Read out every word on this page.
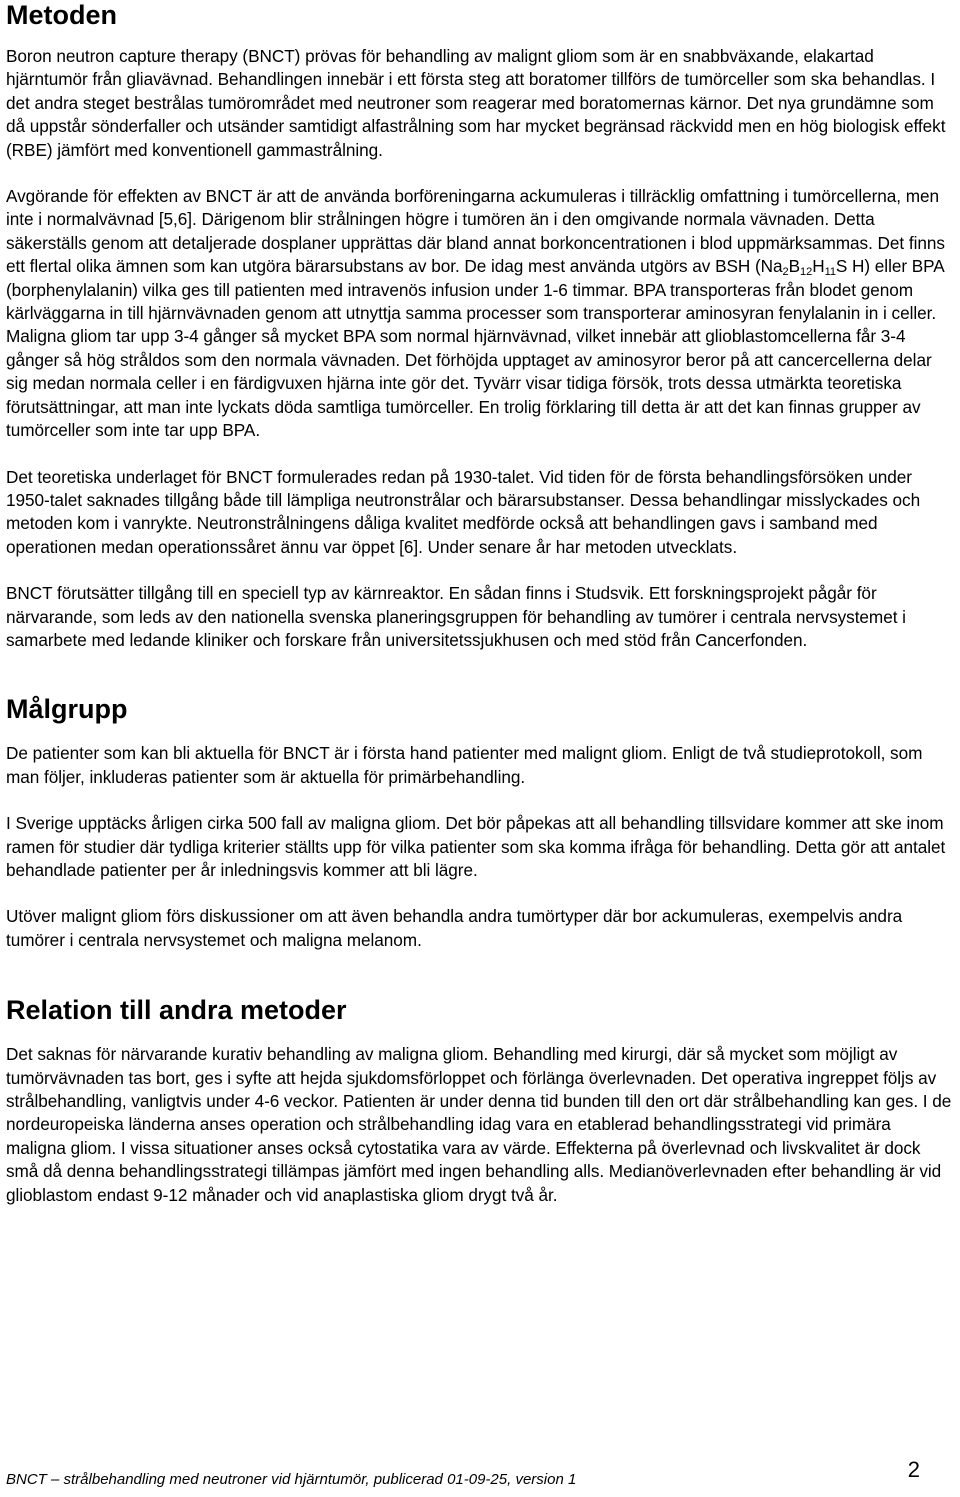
Metoden

Boron neutron capture therapy (BNCT) prövas för behandling av malignt gliom som är en snabbväxande, elakartad hjärntumör från gliavävnad. Behandlingen innebär i ett första steg att boratomer tillförs de tumörceller som ska behandlas. I det andra steget bestrålas tumörområdet med neutroner som reagerar med boratomernas kärnor. Det nya grundämne som då uppstår sönderfaller och utsänder samtidigt alfastrålning som har mycket begränsad räckvidd men en hög biologisk effekt (RBE) jämfört med konventionell gammastrålning.

Avgörande för effekten av BNCT är att de använda borföreningarna ackumuleras i tillräcklig omfattning i tumörcellerna, men inte i normalvävnad [5,6]. Därigenom blir strålningen högre i tumören än i den omgivande normala vävnaden. Detta säkerställs genom att detaljerade dosplaner upprättas där bland annat borkoncentrationen i blod uppmärksammas. Det finns ett flertal olika ämnen som kan utgöra bärarsubstans av bor. De idag mest använda utgörs av BSH ($Na_2B_{12}H_{11}S$ H) eller BPA (borphenylalanin) vilka ges till patienten med intravenös infusion under 1-6 timmar. BPA transporteras från blodet genom kärlväggarna in till hjärnvävnaden genom att utnyttja samma processer som transporterar aminosyran fenylalanin in i celler. Maligna gliom tar upp 3-4 gånger så mycket BPA som normal hjärnvävnad, vilket innebär att glioblastomcellerna får 3-4 gånger så hög stråldos som den normala vävnaden. Det förhöjda upptaget av aminosyror beror på att cancercellerna delar sig medan normala celler i en färdigvuxen hjärna inte gör det. Tyvärr visar tidiga försök, trots dessa utmärkta teoretiska förutsättningar, att man inte lyckats döda samtliga tumörceller. En trolig förklaring till detta är att det kan finnas grupper av tumörceller som inte tar upp BPA.

Det teoretiska underlaget för BNCT formulerades redan på 1930-talet. Vid tiden för de första behandlingsförsöken under 1950-talet saknades tillgång både till lämpliga neutronstrålar och bärarsubstanser. Dessa behandlingar misslyckades och metoden kom i vanrykte. Neutronstrålningens dåliga kvalitet medförde också att behandlingen gavs i samband med operationen medan operationssåret ännu var öppet [6]. Under senare år har metoden utvecklats.

BNCT förutsätter tillgång till en speciell typ av kärnreaktor. En sådan finns i Studsvik. Ett forskningsprojekt pågår för närvarande, som leds av den nationella svenska planeringsgruppen för behandling av tumörer i centrala nervsystemet i samarbete med ledande kliniker och forskare från universitetssjukhusen och med stöd från Cancerfonden.

Målgrupp

De patienter som kan bli aktuella för BNCT är i första hand patienter med malignt gliom. Enligt de två studieprotokoll, som man följer, inkluderas patienter som är aktuella för primärbehandling.

I Sverige upptäcks årligen cirka 500 fall av maligna gliom. Det bör påpekas att all behandling tillsvidare kommer att ske inom ramen för studier där tydliga kriterier ställts upp för vilka patienter som ska komma ifråga för behandling. Detta gör att antalet behandlade patienter per år inledningsvis kommer att bli lägre.

Utöver malignt gliom förs diskussioner om att även behandla andra tumörtyper där bor ackumuleras, exempelvis andra tumörer i centrala nervsystemet och maligna melanom.

Relation till andra metoder

Det saknas för närvarande kurativ behandling av maligna gliom. Behandling med kirurgi, där så mycket som möjligt av tumörvävnaden tas bort, ges i syfte att hejda sjukdomsförloppet och förlänga överlevnaden. Det operativa ingreppet följs av strålbehandling, vanligtvis under 4-6 veckor. Patienten är under denna tid bunden till den ort där strålbehandling kan ges. I de nordeuropeiska länderna anses operation och strålbehandling idag vara en etablerad behandlingsstrategi vid primära maligna gliom. I vissa situationer anses också cytostatika vara av värde. Effekterna på överlevnad och livskvalitet är dock små då denna behandlingsstrategi tillämpas jämfört med ingen behandling alls. Medianöverlevnaden efter behandling är vid glioblastom endast 9-12 månader och vid anaplastiska gliom drygt två år.

BNCT – strålbehandling med neutroner vid hjärntumör, publicerad 01-09-25, version 1	2
